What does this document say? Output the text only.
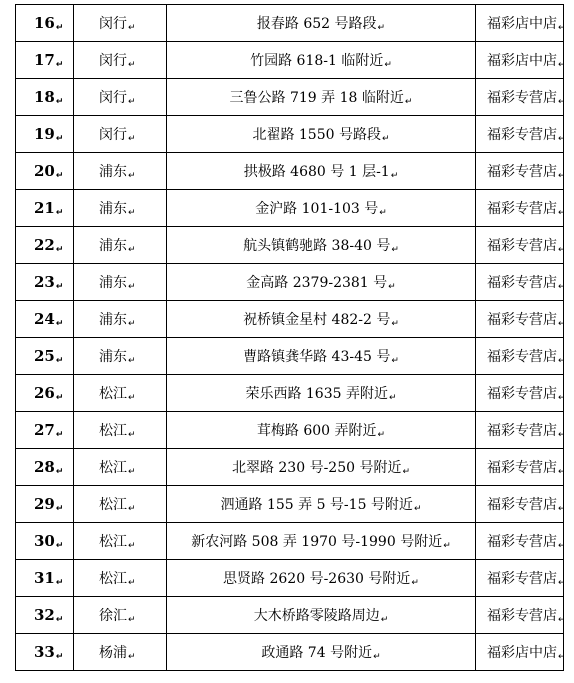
16↵	闵行↵	报春路 652 号路段↵	福彩店中店↵
17↵	闵行↵	竹园路 618-1 临附近↵	福彩店中店↵
18↵	闵行↵	三鲁公路 719 弄 18 临附近↵	福彩专营店↵
19↵	闵行↵	北翟路 1550 号路段↵	福彩专营店↵
20↵	浦东↵	拱极路 4680 号 1 层-1↵	福彩专营店↵
21↵	浦东↵	金沪路 101-103 号↵	福彩专营店↵
22↵	浦东↵	航头镇鹤驰路 38-40 号↵	福彩专营店↵
23↵	浦东↵	金高路 2379-2381 号↵	福彩专营店↵
24↵	浦东↵	祝桥镇金星村 482-2 号↵	福彩专营店↵
25↵	浦东↵	曹路镇龚华路 43-45 号↵	福彩专营店↵
26↵	松江↵	荣乐西路 1635 弄附近↵	福彩专营店↵
27↵	松江↵	茸梅路 600 弄附近↵	福彩专营店↵
28↵	松江↵	北翠路 230 号-250 号附近↵	福彩专营店↵
29↵	松江↵	泗通路 155 弄 5 号-15 号附近↵	福彩专营店↵
30↵	松江↵	新农河路 508 弄 1970 号-1990 号附近↵	福彩专营店↵
31↵	松江↵	思贤路 2620 号-2630 号附近↵	福彩专营店↵
32↵	徐汇↵	大木桥路零陵路周边↵	福彩专营店↵
33↵	杨浦↵	政通路 74 号附近↵	福彩店中店↵
